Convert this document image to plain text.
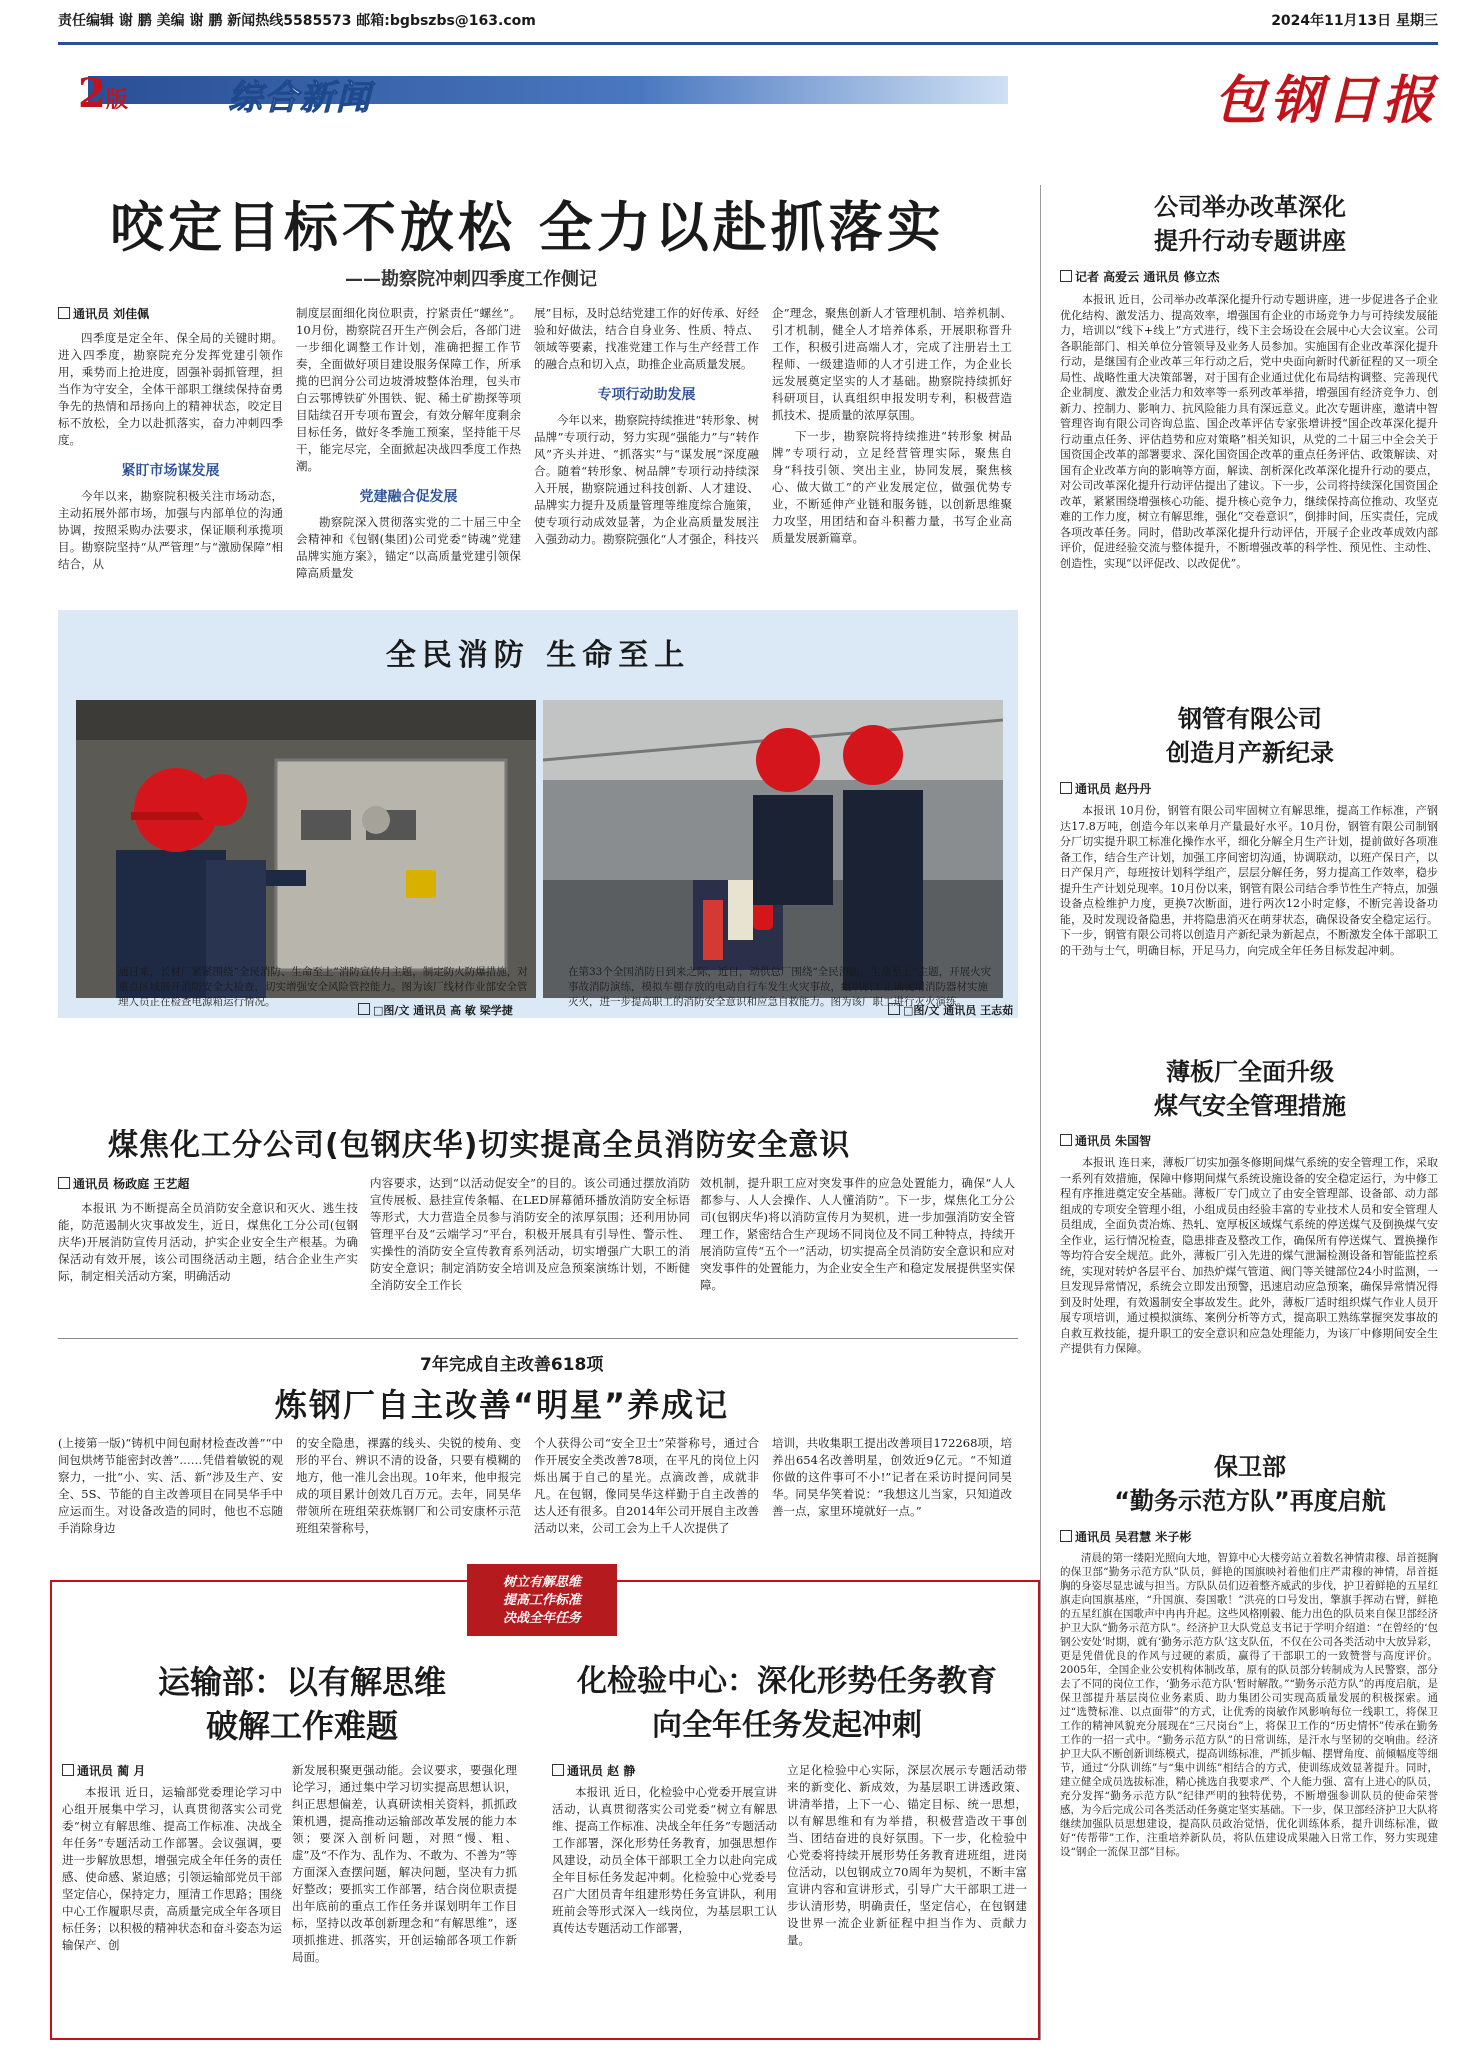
责任编辑 谢 鹏 美编 谢 鹏 新闻热线5585573 邮箱:bgbszbs@163.com	2024年11月13日 星期三
2版	综合新闻	包钢日报
咬定目标不放松 全力以赴抓落实
——勘察院冲刺四季度工作侧记
通讯员 刘佳佩

四季度是定全年、保全局的关键时期。进入四季度，勘察院充分发挥党建引领作用，乘势而上抢进度，固强补弱抓管理，担当作为守安全，全体干部职工继续保持奋勇争先的热情和昂扬向上的精神状态，咬定目标不放松，全力以赴抓落实，奋力冲刺四季度。

紧盯市场谋发展

今年以来，勘察院积极关注市场动态，主动拓展外部市场，加强与内部单位的沟通协调，按照采购办法要求，保证顺利承揽项目。勘察院坚持“从严管理”与“激励保障”相结合，从

制度层面细化岗位职责，拧紧责任“螺丝”。10月份，勘察院召开生产例会后，各部门进一步细化调整工作计划，准确把握工作节奏，全面做好项目建设服务保障工作，所承揽的巴润分公司边坡滑坡整体治理，包头市白云鄂博铁矿外围铁、铌、稀土矿勘探等项目陆续召开专项布置会，有效分解年度剩余目标任务，做好冬季施工预案，坚持能干尽干，能完尽完，全面掀起决战四季度工作热潮。

党建融合促发展

勘察院深入贯彻落实党的二十届三中全会精神和《包钢(集团)公司党委“铸魂”党建品牌实施方案》，锚定“以高质量党建引领保障高质量发

展”目标，及时总结党建工作的好传承、好经验和好做法，结合自身业务、性质、特点、领域等要素，找准党建工作与生产经营工作的融合点和切入点，助推企业高质量发展。

专项行动助发展

今年以来，勘察院持续推进“转形象、树品牌”专项行动，努力实现“强能力”与“转作风”齐头并进、“抓落实”与“谋发展”深度融合。随着“转形象、树品牌”专项行动持续深入开展，勘察院通过科技创新、人才建设、品牌实力提升及质量管理等维度综合施策，使专项行动成效显著，为企业高质量发展注入强劲动力。勘察院强化“人才强企，科技兴

企”理念，聚焦创新人才管理机制、培养机制、引才机制，健全人才培养体系，开展职称晋升工作，积极引进高端人才，完成了注册岩土工程师、一级建造师的人才引进工作，为企业长远发展奠定坚实的人才基础。勘察院持续抓好科研项目，认真组织申报发明专利，积极营造抓技术、提质量的浓厚氛围。

下一步，勘察院将持续推进“转形象 树品牌”专项行动，立足经营管理实际，聚焦自身“科技引领、突出主业，协同发展，聚焦核心、做大做工”的产业发展定位，做强优势专业，不断延伸产业链和服务链，以创新思维聚力攻坚，用团结和奋斗积蓄力量，书写企业高质量发展新篇章。

全民消防 生命至上
通日来，长材厂紧紧围绕“全民消防、生命至上”消防宣传月主题，制定防火防爆措施，对重点区域展开消防安全大检查，切实增强安全风险管控能力。图为该厂线材作业部安全管理人员正在检查电源箱运行情况。
□图/文 通讯员 高 敏 梁学捷
在第33个全国消防日到来之际，近日，动供总厂围绕“全民消防、生命至上”主题，开展火灾事故消防演练，模拟车棚存放的电动自行车发生火灾事故，组织职工正确使用消防器材实施灭火，进一步提高职工的消防安全意识和应急自救能力。图为该厂职工进行灭火演练。
□图/文 通讯员 王志茹
煤焦化工分公司(包钢庆华)切实提高全员消防安全意识
通讯员 杨政庭 王艺超

本报讯 为不断提高全员消防安全意识和灭火、逃生技能，防范遏制火灾事故发生，近日，煤焦化工分公司(包钢庆华)开展消防宣传月活动，护实企业安全生产根基。为确保活动有效开展，该公司围绕活动主题，结合企业生产实际，制定相关活动方案，明确活动

内容要求，达到“以活动促安全”的目的。该公司通过摆放消防宣传展板、悬挂宣传条幅、在LED屏幕循环播放消防安全标语等形式，大力营造全员参与消防安全的浓厚氛围；还利用协同管理平台及“云端学习”平台，积极开展具有引导性、警示性、实操性的消防安全宣传教育系列活动，切实增强广大职工的消防安全意识；制定消防安全培训及应急预案演练计划，不断健全消防安全工作长

效机制，提升职工应对突发事件的应急处置能力，确保“人人都参与、人人会操作、人人懂消防”。下一步，煤焦化工分公司(包钢庆华)将以消防宣传月为契机，进一步加强消防安全管理工作，紧密结合生产现场不同岗位及不同工种特点，持续开展消防宣传“五个一”活动，切实提高全员消防安全意识和应对突发事件的处置能力，为企业安全生产和稳定发展提供坚实保障。

7年完成自主改善618项
炼钢厂自主改善“明星”养成记

(上接第一版)“铸机中间包耐材检查改善”“中间包烘烤节能密封改善”……凭借着敏锐的观察力，一批“小、实、活、新”涉及生产、安全、5S、节能的自主改善项目在同昊华手中应运而生。对设备改造的同时，他也不忘随手消除身边

的安全隐患，裸露的线头、尖锐的棱角、变形的平台、辨识不清的设备，只要有模糊的地方，他一准儿会出现。10年来，他申报完成的项目累计创效几百万元。去年，同昊华带领所在班组荣获炼钢厂和公司安康杯示范班组荣誉称号，

个人获得公司“安全卫士”荣誉称号，通过合作开展安全类改善78项，在平凡的岗位上闪烁出属于自己的星光。点滴改善，成就非凡。在包钢，像同昊华这样勤于自主改善的达人还有很多。自2014年公司开展自主改善活动以来，公司工会为上千人次提供了

培训，共收集职工提出改善项目172268项，培养出654名改善明星，创效近9亿元。“不知道你做的这件事可不小!”记者在采访时提问同昊华。同昊华笑着说：“我想这儿当家，只知道改善一点，家里环境就好一点。”

树立有解思维
提高工作标准
决战全年任务
运输部：以有解思维
破解工作难题
通讯员 蔺 月

本报讯 近日，运输部党委理论学习中心组开展集中学习，认真贯彻落实公司党委“树立有解思维、提高工作标准、决战全年任务”专题活动工作部署。会议强调，要进一步解放思想，增强完成全年任务的责任感、使命感、紧迫感；引领运输部党员干部坚定信心，保持定力，厘清工作思路；围绕中心工作履职尽责，高质量完成全年各项目标任务；以积极的精神状态和奋斗姿态为运输保产、创

新发展积聚更强动能。会议要求，要强化理论学习，通过集中学习切实提高思想认识，纠正思想偏差，认真研读相关资料，抓抓政策机遇，提高推动运输部改革发展的能力本领；要深入剖析问题，对照“慢、粗、虚”及“不作为、乱作为、不敢为、不善为”等方面深入查摆问题，解决问题，坚决有力抓好整改；要抓实工作部署，结合岗位职责提出年底前的重点工作任务并谋划明年工作目标，坚持以改革创新理念和“有解思维”，逐项抓推进、抓落实，开创运输部各项工作新局面。

化检验中心：深化形势任务教育
向全年任务发起冲刺
通讯员 赵 静

本报讯 近日，化检验中心党委开展宣讲活动，认真贯彻落实公司党委“树立有解思维、提高工作标准、决战全年任务”专题活动工作部署，深化形势任务教育，加强思想作风建设，动员全体干部职工全力以赴向完成全年目标任务发起冲刺。化检验中心党委号召广大团员青年组建形势任务宣讲队，利用班前会等形式深入一线岗位，为基层职工认真传达专题活动工作部署，

立足化检验中心实际，深层次展示专题活动带来的新变化、新成效，为基层职工讲透政策、讲清举措，上下一心、锚定目标、统一思想，以有解思维和有为举措，积极营造改干事创当、团结奋进的良好氛围。下一步，化检验中心党委将持续开展形势任务教育进班组，进岗位活动，以包钢成立70周年为契机，不断丰富宣讲内容和宣讲形式，引导广大干部职工进一步认清形势，明确责任，坚定信心，在包钢建设世界一流企业新征程中担当作为、贡献力量。

公司举办改革深化
提升行动专题讲座
记者 高爱云 通讯员 修立杰

本报讯 近日，公司举办改革深化提升行动专题讲座，进一步促进各子企业优化结构、激发活力、提高效率，增强国有企业的市场竞争力与可持续发展能力，培训以“线下+线上”方式进行，线下主会场设在会展中心大会议室。公司各职能部门、相关单位分管领导及业务人员参加。实施国有企业改革深化提升行动，是继国有企业改革三年行动之后，党中央面向新时代新征程的又一项全局性、战略性重大决策部署，对于国有企业通过优化布局结构调整、完善现代企业制度、激发企业活力和效率等一系列改革举措，增强国有经济竞争力、创新力、控制力、影响力、抗风险能力具有深远意义。此次专题讲座，邀请中智管理咨询有限公司咨询总监、国企改革评估专家张增讲授“国企改革深化提升行动重点任务、评估趋势和应对策略”相关知识，从党的二十届三中全会关于国资国企改革的部署要求、深化国资国企改革的重点任务评估、政策解读、对国有企业改革方向的影响等方面，解读、剖析深化改革深化提升行动的要点，对公司改革深化提升行动评估提出了建议。下一步，公司将持续深化国资国企改革，紧紧围绕增强核心功能、提升核心竞争力，继续保持高位推动、攻坚克难的工作力度，树立有解思维，强化“交卷意识”，倒排时间，压实责任，完成各项改革任务。同时，借助改革深化提升行动评估，开展子企业改革成效内部评价，促进经验交流与整体提升，不断增强改革的科学性、预见性、主动性、创造性，实现“以评促改、以改促优”。

钢管有限公司
创造月产新纪录
通讯员 赵丹丹

本报讯 10月份，钢管有限公司牢固树立有解思维，提高工作标准，产钢达17.8万吨，创造今年以来单月产量最好水平。10月份，钢管有限公司制钢分厂切实提升职工标准化操作水平，细化分解全月生产计划，提前做好各项准备工作，结合生产计划，加强工序间密切沟通，协调联动，以班产保日产，以日产保月产，每班按计划科学组产，层层分解任务，努力提高工作效率，稳步提升生产计划兑现率。10月份以来，钢管有限公司结合季节性生产特点，加强设备点检维护力度，更换7次断面，进行两次12小时定修，不断完善设备功能，及时发现设备隐患，并将隐患消灭在萌芽状态，确保设备安全稳定运行。下一步，钢管有限公司将以创造月产新纪录为新起点，不断激发全体干部职工的干劲与士气，明确目标，开足马力，向完成全年任务目标发起冲刺。

薄板厂全面升级
煤气安全管理措施
通讯员 朱国智

本报讯 连日来，薄板厂切实加强冬修期间煤气系统的安全管理工作，采取一系列有效措施，保障中修期间煤气系统设施设备的安全稳定运行，为中修工程有序推进奠定安全基础。薄板厂专门成立了由安全管理部、设备部、动力部组成的专项安全管理小组，小组成员由经验丰富的专业技术人员和安全管理人员组成，全面负责冶炼、热轧、宽厚板区域煤气系统的停送煤气及倒换煤气安全作业，运行情况检查，隐患排查及整改工作，确保所有停送煤气、置换操作等均符合安全规范。此外，薄板厂引入先进的煤气泄漏检测设备和智能监控系统，实现对转炉各层平台、加热炉煤气管道、阀门等关键部位24小时监测，一旦发现异常情况，系统会立即发出预警，迅速启动应急预案，确保异常情况得到及时处理，有效遏制安全事故发生。此外，薄板厂适时组织煤气作业人员开展专项培训，通过模拟演练、案例分析等方式，提高职工熟练掌握突发事故的自救互救技能，提升职工的安全意识和应急处理能力，为该厂中修期间安全生产提供有力保障。

保卫部
“勤务示范方队”再度启航
通讯员 吴君慧 米子彬

清晨的第一缕阳光照向大地，智算中心大楼旁站立着数名神情肃穆、昂首挺胸的保卫部“勤务示范方队”队员，鲜艳的国旗映衬着他们庄严肃穆的神情，昂首挺胸的身姿尽显忠诚与担当。方队队员们迈着整齐威武的步伐，护卫着鲜艳的五星红旗走向国旗基座，“升国旗、奏国歌！”洪亮的口号发出，擎旗手挥动右臂，鲜艳的五星红旗在国歌声中冉冉升起。这些风格刚毅、能力出色的队员来自保卫部经济护卫大队“勤务示范方队”。经济护卫大队党总支书记于学明介绍道：“在曾经的‘包钢公安处’时期，就有‘勤务示范方队’这支队伍，不仅在公司各类活动中大放异彩，更是凭借优良的作风与过硬的素质，赢得了干部职工的一致赞誉与高度评价。2005年，全国企业公安机构体制改革，原有的队员部分转制成为人民警察，部分去了不同的岗位工作，‘勤务示范方队’暂时解散。”“勤务示范方队”的再度启航，是保卫部提升基层岗位业务素质、助力集团公司实现高质量发展的积极探索。通过“选赞标准、以点面带”的方式，让优秀的岗敏作风影响每位一线职工，将保卫工作的精神风貌充分展现在“三尺岗台”上，将保卫工作的“历史情怀”传承在勤务工作的一招一式中。“勤务示范方队”的日常训练，是汗水与坚韧的交响曲。经济护卫大队不断创新训练模式，提高训练标准，严抓步幅、摆臂角度、前倾幅度等细节，通过“分队训练”与“集中训练”相结合的方式，使训练成效显著提升。同时，建立健全成员选拔标准，精心挑选自我要求严、个人能力强、富有上进心的队员，充分发挥“勤务示范方队”纪律严明的独特优势，不断增强参训队员的使命荣誉感，为今后完成公司各类活动任务奠定坚实基础。下一步，保卫部经济护卫大队将继续加强队员思想建设，提高队员政治觉悟，优化训练体系，提升训练标准，做好“传帮带”工作，注重培养新队员，将队伍建设成果融入日常工作，努力实现建设“钢企一流保卫部”目标。
